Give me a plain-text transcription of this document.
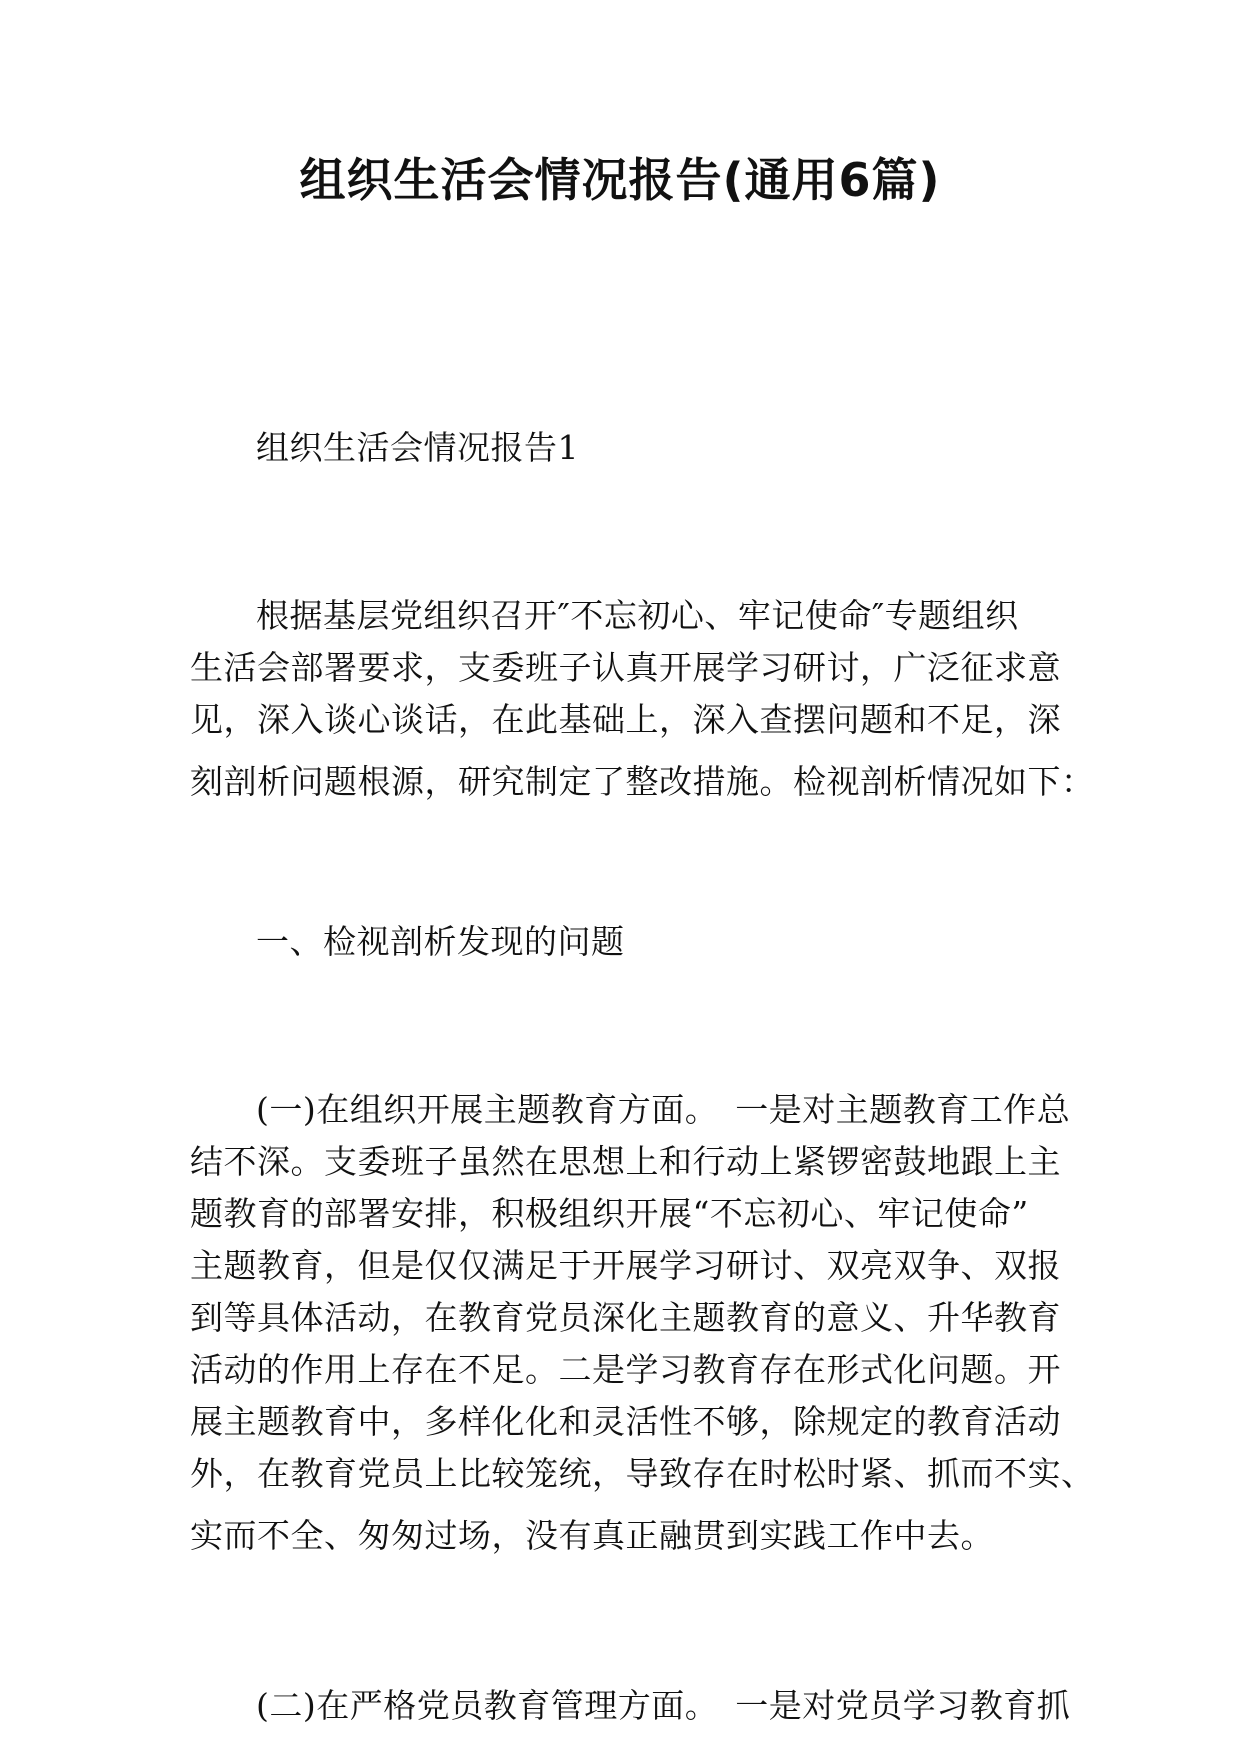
组织生活会情况报告(通用6篇)
组织生活会情况报告1
根据基层党组织召开″不忘初心、牢记使命″专题组织
生活会部署要求，支委班子认真开展学习研讨，广泛征求意
见，深入谈心谈话，在此基础上，深入查摆问题和不足，深
刻剖析问题根源，研究制定了整改措施。检视剖析情况如下：
一、检视剖析发现的问题
(一)在组织开展主题教育方面。　一是对主题教育工作总
结不深。支委班子虽然在思想上和行动上紧锣密鼓地跟上主
题教育的部署安排，积极组织开展“不忘初心、牢记使命”
主题教育，但是仅仅满足于开展学习研讨、双亮双争、双报
到等具体活动，在教育党员深化主题教育的意义、升华教育
活动的作用上存在不足。二是学习教育存在形式化问题。开
展主题教育中，多样化化和灵活性不够，除规定的教育活动
外，在教育党员上比较笼统，导致存在时松时紧、抓而不实、
实而不全、匆匆过场，没有真正融贯到实践工作中去。
(二)在严格党员教育管理方面。　一是对党员学习教育抓
